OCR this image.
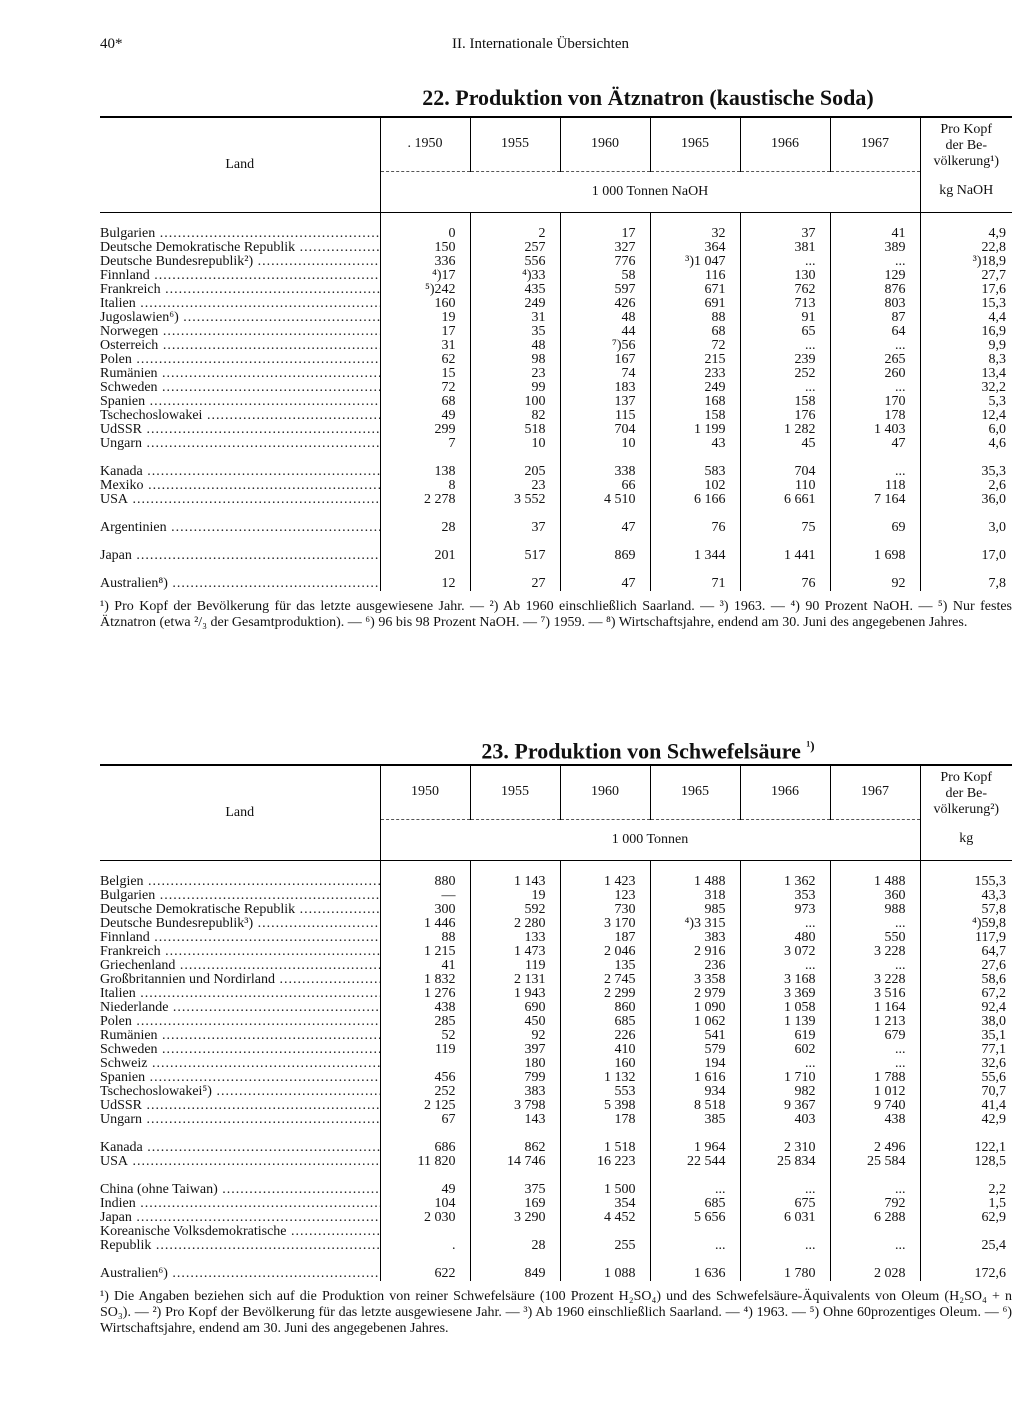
40*	II. Internationale Übersichten
22. Produktion von Ätznatron (kaustische Soda)
Land	. 1950	1955	1960	1965	1966	1967	Pro Kopf
der Be-
völkerung¹)
	1 000 Tonnen NaOH						kg NaOH

Bulgarien .....	0	2	17	32	37	41	4,9
Deutsche Demokratische Republik .....	150	257	327	364	381	389	22,8
Deutsche Bundesrepublik²) .....	336	556	776	³)1 047	...	...	³)18,9
Finnland .....	⁴)17	⁴)33	58	116	130	129	27,7
Frankreich .....	⁵)242	435	597	671	762	876	17,6
Italien .....	160	249	426	691	713	803	15,3
Jugoslawien⁶) .....	19	31	48	88	91	87	4,4
Norwegen .....	17	35	44	68	65	64	16,9
Österreich .....	31	48	⁷)56	72	...	...	9,9
Polen .....	62	98	167	215	239	265	8,3
Rumänien .....	15	23	74	233	252	260	13,4
Schweden .....	72	99	183	249	...	...	32,2
Spanien .....	68	100	137	168	158	170	5,3
Tschechoslowakei .....	49	82	115	158	176	178	12,4
UdSSR .....	299	518	704	1 199	1 282	1 403	6,0
Ungarn .....	7	10	10	43	45	47	4,6
Kanada .....	138	205	338	583	704	...	35,3
Mexiko .....	8	23	66	102	110	118	2,6
USA .....	2 278	3 552	4 510	6 166	6 661	7 164	36,0
Argentinien .....	28	37	47	76	75	69	3,0
Japan .....	201	517	869	1 344	1 441	1 698	17,0
Australien⁸) .....	12	27	47	71	76	92	7,8

¹) Pro Kopf der Bevölkerung für das letzte ausgewiesene Jahr. — ²) Ab 1960 einschließlich Saarland. — ³) 1963. — ⁴) 90 Prozent NaOH. — ⁵) Nur festes Ätznatron (etwa ²/₃ der Gesamtproduktion). — ⁶) 96 bis 98 Prozent NaOH. — ⁷) 1959. — ⁸) Wirtschaftsjahre, endend am 30. Juni des angegebenen Jahres.

23. Produktion von Schwefelsäure $^{^1)}$
Land	1950	1955	1960	1965	1966	1967	Pro Kopf
der Be-
völkerung²)
	1 000 Tonnen						kg

Belgien .....	880	1 143	1 423	1 488	1 362	1 488	155,3
Bulgarien .....	—	19	123	318	353	360	43,3
Deutsche Demokratische Republik .....	300	592	730	985	973	988	57,8
Deutsche Bundesrepublik³) .....	1 446	2 280	3 170	⁴)3 315	...	...	⁴)59,8
Finnland .....	88	133	187	383	480	550	117,9
Frankreich .....	1 215	1 473	2 046	2 916	3 072	3 228	64,7
Griechenland .....	41	119	135	236	...	...	27,6
Großbritannien und Nordirland .....	1 832	2 131	2 745	3 358	3 168	3 228	58,6
Italien .....	1 276	1 943	2 299	2 979	3 369	3 516	67,2
Niederlande .....	438	690	860	1 090	1 058	1 164	92,4
Polen .....	285	450	685	1 062	1 139	1 213	38,0
Rumänien .....	52	92	226	541	619	679	35,1
Schweden .....	119	397	410	579	602	...	77,1
Schweiz .....		180	160	194	...	...	32,6
Spanien .....	456	799	1 132	1 616	1 710	1 788	55,6
Tschechoslowakei⁵) .....	252	383	553	934	982	1 012	70,7
UdSSR .....	2 125	3 798	5 398	8 518	9 367	9 740	41,4
Ungarn .....	67	143	178	385	403	438	42,9
Kanada .....	686	862	1 518	1 964	2 310	2 496	122,1
USA .....	11 820	14 746	16 223	22 544	25 834	25 584	128,5
China (ohne Taiwan) .....	49	375	1 500	...	...	...	2,2
Indien .....	104	169	354	685	675	792	1,5
Japan .....	2 030	3 290	4 452	5 656	6 031	6 288	62,9
Koreanische Volksdemokratische .....							
Republik .....	.	28	255	...	...	...	25,4
Australien⁶) .....	622	849	1 088	1 636	1 780	2 028	172,6

¹) Die Angaben beziehen sich auf die Produktion von reiner Schwefelsäure (100 Prozent H₂SO₄) und des Schwefelsäure-Äquivalents von Oleum (H₂SO₄ + n SO₃). — ²) Pro Kopf der Bevölkerung für das letzte ausgewiesene Jahr. — ³) Ab 1960 einschließlich Saarland. — ⁴) 1963. — ⁵) Ohne 60prozentiges Oleum. — ⁶) Wirtschaftsjahre, endend am 30. Juni des angegebenen Jahres.
